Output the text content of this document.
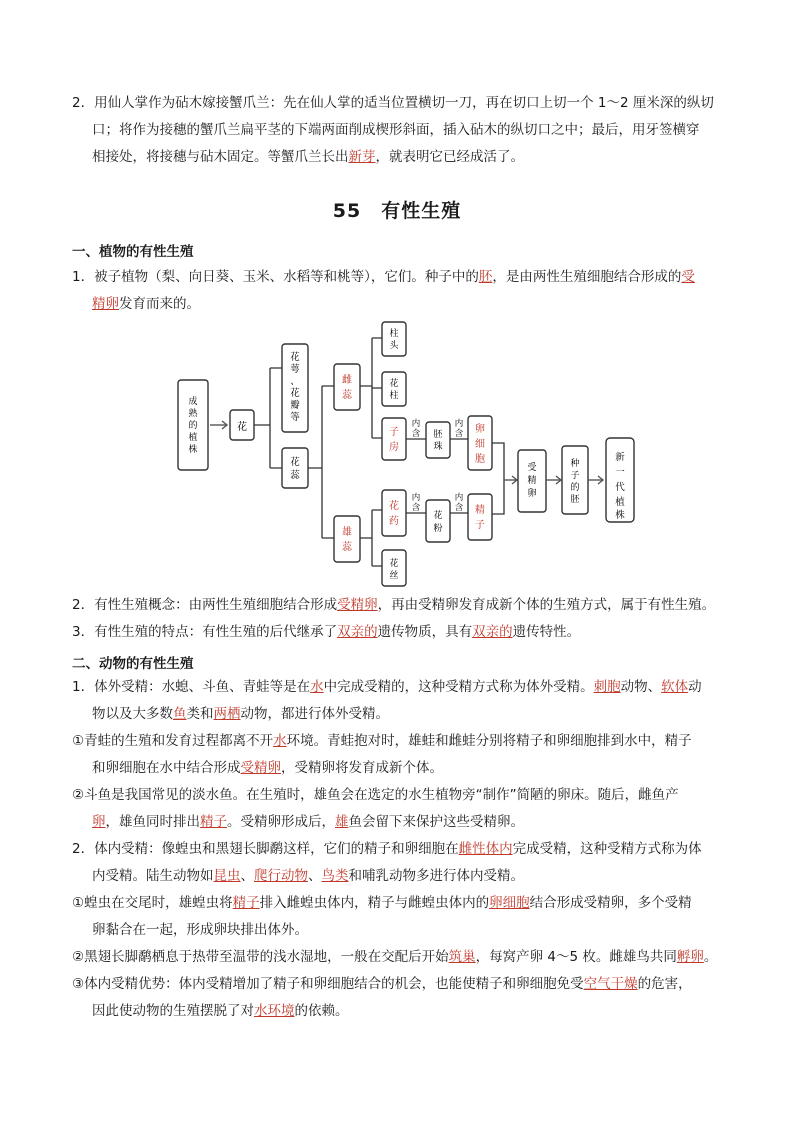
2．用仙人掌作为砧木嫁接蟹爪兰：先在仙人掌的适当位置横切一刀，再在切口上切一个 1～2 厘米深的纵切

口；将作为接穗的蟹爪兰扁平茎的下端两面削成楔形斜面，插入砧木的纵切口之中；最后，用牙签横穿

相接处，将接穗与砧木固定。等蟹爪兰长出新芽，就表明它已经成活了。

55　有性生殖
一、植物的有性生殖

1．被子植物（梨、向日葵、玉米、水稻等和桃等），它们。种子中的胚，是由两性生殖细胞结合形成的受

精卵发育而来的。

成熟的植株
花
花萼、花瓣等
花蕊
雌蕊
雄蕊
柱头
花柱
子房
花药
花丝
内含 胚珠
内含 卵细胞
内含
花粉
内含 精子
受精卵
种子的胚
新一代植株

2．有性生殖概念：由两性生殖细胞结合形成受精卵，再由受精卵发育成新个体的生殖方式，属于有性生殖。

3．有性生殖的特点：有性生殖的后代继承了双亲的遗传物质，具有双亲的遗传特性。

二、动物的有性生殖

1．体外受精：水螅、斗鱼、青蛙等是在水中完成受精的，这种受精方式称为体外受精。刺胞动物、软体动

物以及大多数鱼类和两栖动物，都进行体外受精。

①青蛙的生殖和发育过程都离不开水环境。青蛙抱对时，雄蛙和雌蛙分别将精子和卵细胞排到水中，精子

和卵细胞在水中结合形成受精卵，受精卵将发育成新个体。

②斗鱼是我国常见的淡水鱼。在生殖时，雄鱼会在选定的水生植物旁“制作”简陋的卵床。随后，雌鱼产

卵，雄鱼同时排出精子。受精卵形成后，雄鱼会留下来保护这些受精卵。

2．体内受精：像蝗虫和黑翅长脚鹬这样，它们的精子和卵细胞在雌性体内完成受精，这种受精方式称为体

内受精。陆生动物如昆虫、爬行动物、鸟类和哺乳动物多进行体内受精。

①蝗虫在交尾时，雄蝗虫将精子排入雌蝗虫体内，精子与雌蝗虫体内的卵细胞结合形成受精卵，多个受精

卵黏合在一起，形成卵块排出体外。

②黑翅长脚鹬栖息于热带至温带的浅水湿地，一般在交配后开始筑巢，每窝产卵 4～5 枚。雌雄鸟共同孵卵。

③体内受精优势：体内受精增加了精子和卵细胞结合的机会，也能使精子和卵细胞免受空气干燥的危害，

因此使动物的生殖摆脱了对水环境的依赖。
